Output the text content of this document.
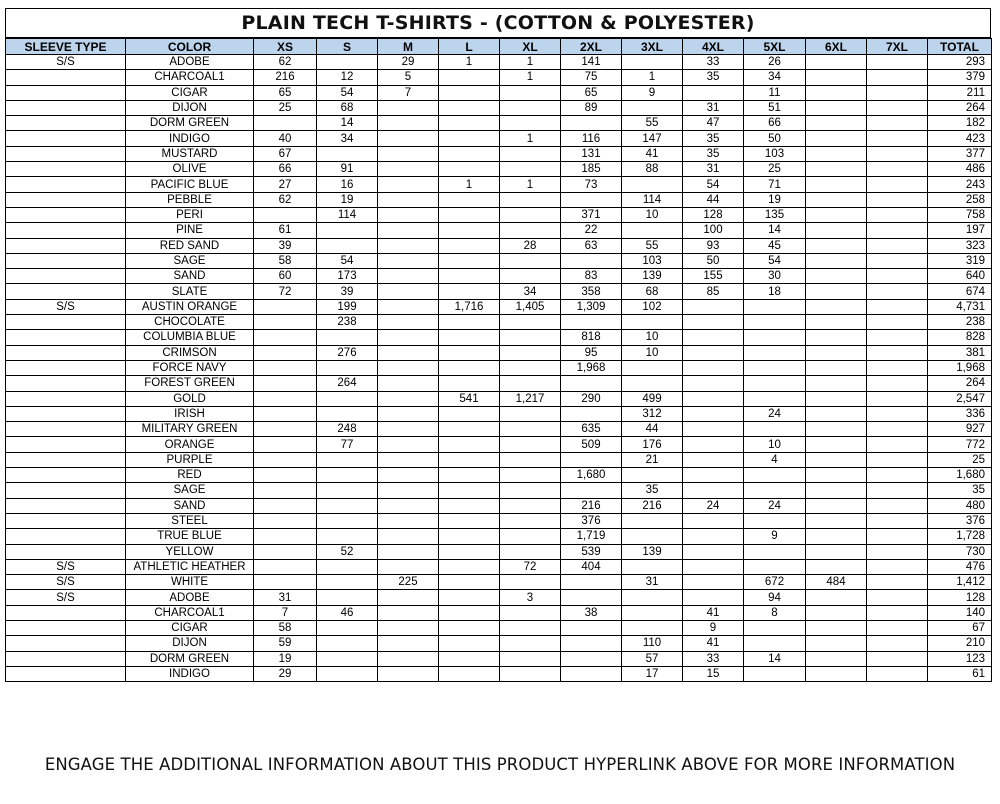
PLAIN TECH T-SHIRTS - (COTTON & POLYESTER)
SLEEVE TYPE	COLOR	XS	S	M	L	XL	2XL	3XL	4XL	5XL	6XL	7XL	TOTAL
S/S	ADOBE	62		29	1	1	141		33	26			293
	CHARCOAL1	216	12	5		1	75	1	35	34			379
	CIGAR	65	54	7			65	9		11			211
	DIJON	25	68				89		31	51			264
	DORM GREEN		14					55	47	66			182
	INDIGO	40	34			1	116	147	35	50			423
	MUSTARD	67					131	41	35	103			377
	OLIVE	66	91				185	88	31	25			486
	PACIFIC BLUE	27	16		1	1	73		54	71			243
	PEBBLE	62	19					114	44	19			258
	PERI		114				371	10	128	135			758
	PINE	61					22		100	14			197
	RED SAND	39				28	63	55	93	45			323
	SAGE	58	54					103	50	54			319
	SAND	60	173				83	139	155	30			640
	SLATE	72	39			34	358	68	85	18			674
S/S	AUSTIN ORANGE		199		1,716	1,405	1,309	102					4,731
	CHOCOLATE		238										238
	COLUMBIA BLUE						818	10					828
	CRIMSON		276				95	10					381
	FORCE NAVY						1,968						1,968
	FOREST GREEN		264										264
	GOLD				541	1,217	290	499					2,547
	IRISH							312		24			336
	MILITARY GREEN		248				635	44					927
	ORANGE		77				509	176		10			772
	PURPLE							21		4			25
	RED						1,680						1,680
	SAGE							35					35
	SAND						216	216	24	24			480
	STEEL						376						376
	TRUE BLUE						1,719			9			1,728
	YELLOW		52				539	139					730
S/S	ATHLETIC HEATHER					72	404						476
S/S	WHITE			225				31		672	484		1,412
S/S	ADOBE	31				3				94			128
	CHARCOAL1	7	46				38		41	8			140
	CIGAR	58							9				67
	DIJON	59						110	41				210
	DORM GREEN	19						57	33	14			123
	INDIGO	29						17	15				61
ENGAGE THE ADDITIONAL INFORMATION ABOUT THIS PRODUCT HYPERLINK ABOVE FOR MORE INFORMATION
